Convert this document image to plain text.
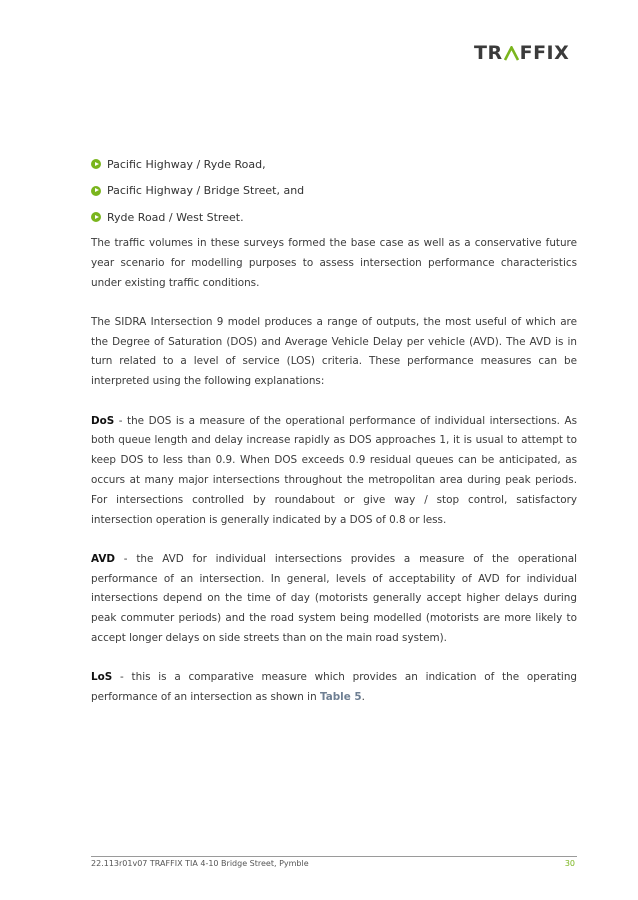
TR FFIX
Pacific Highway / Ryde Road,
Pacific Highway / Bridge Street, and
Ryde Road / West Street.

The traffic volumes in these surveys formed the base case as well as a conservative future year scenario for modelling purposes to assess intersection performance characteristics under existing traffic conditions.

The SIDRA Intersection 9 model produces a range of outputs, the most useful of which are the Degree of Saturation (DOS) and Average Vehicle Delay per vehicle (AVD). The AVD is in turn related to a level of service (LOS) criteria. These performance measures can be interpreted using the following explanations:

DoS - the DOS is a measure of the operational performance of individual intersections. As both queue length and delay increase rapidly as DOS approaches 1, it is usual to attempt to keep DOS to less than 0.9. When DOS exceeds 0.9 residual queues can be anticipated, as occurs at many major intersections throughout the metropolitan area during peak periods. For intersections controlled by roundabout or give way / stop control, satisfactory intersection operation is generally indicated by a DOS of 0.8 or less.

AVD - the AVD for individual intersections provides a measure of the operational performance of an intersection. In general, levels of acceptability of AVD for individual intersections depend on the time of day (motorists generally accept higher delays during peak commuter periods) and the road system being modelled (motorists are more likely to accept longer delays on side streets than on the main road system).

LoS - this is a comparative measure which provides an indication of the operating performance of an intersection as shown in Table 5.

22.113r01v07 TRAFFIX TIA 4-10 Bridge Street, Pymble	30
